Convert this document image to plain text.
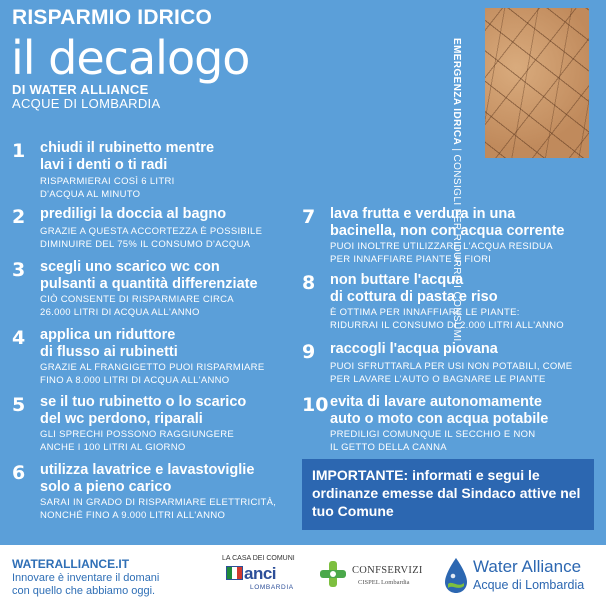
RISPARMIO IDRICO
il decalogo
DI WATER ALLIANCE
ACQUE DI LOMBARDIA	EMERGENZA IDRICA | CONSIGLI PER RIDURRE I CONSUMI
1 chiudi il rubinetto mentre
lavi i denti o ti radi
RISPARMIERAI COSÌ 6 LITRI
D'ACQUA AL MINUTO
2 prediligi la doccia al bagno
GRAZIE A QUESTA ACCORTEZZA È POSSIBILE
DIMINUIRE DEL 75% IL CONSUMO D'ACQUA
3 scegli uno scarico wc con
pulsanti a quantità differenziate
CIÒ CONSENTE DI RISPARMIARE CIRCA
26.000 LITRI DI ACQUA ALL'ANNO
4 applica un riduttore
di flusso ai rubinetti
GRAZIE AL FRANGIGETTO PUOI RISPARMIARE
FINO A 8.000 LITRI DI ACQUA ALL'ANNO
5 se il tuo rubinetto o lo scarico
del wc perdono, riparali
GLI SPRECHI POSSONO RAGGIUNGERE
ANCHE I 100 LITRI AL GIORNO
6 utilizza lavatrice e lavastoviglie
solo a pieno carico
SARAI IN GRADO DI RISPARMIARE ELETTRICITÀ,
NONCHÉ FINO A 9.000 LITRI ALL'ANNO
7 lava frutta e verdura in una
bacinella, non con acqua corrente
PUOI INOLTRE UTILIZZARE L'ACQUA RESIDUA
PER INNAFFIARE PIANTE E FIORI
8 non buttare l'acqua
di cottura di pasta e riso
È OTTIMA PER INNAFFIARE LE PIANTE:
RIDURRAI IL CONSUMO DI 2.000 LITRI ALL'ANNO
9 raccogli l'acqua piovana
PUOI SFRUTTARLA PER USI NON POTABILI, COME
PER LAVARE L'AUTO O BAGNARE LE PIANTE
10 evita di lavare autonomamente
auto o moto con acqua potabile
PREDILIGI COMUNQUE IL SECCHIO E NON
IL GETTO DELLA CANNA
IMPORTANTE: informati e segui le ordinanze emesse dal Sindaco attive nel tuo Comune
WATERALLIANCE.IT
Innovare è inventare il domani
con quello che abbiamo oggi.
LA CASA DEI COMUNI
anci
LOMBARDIA
CONFSERVIZI
CISPEL Lombardia
Water Alliance
Acque di Lombardia
